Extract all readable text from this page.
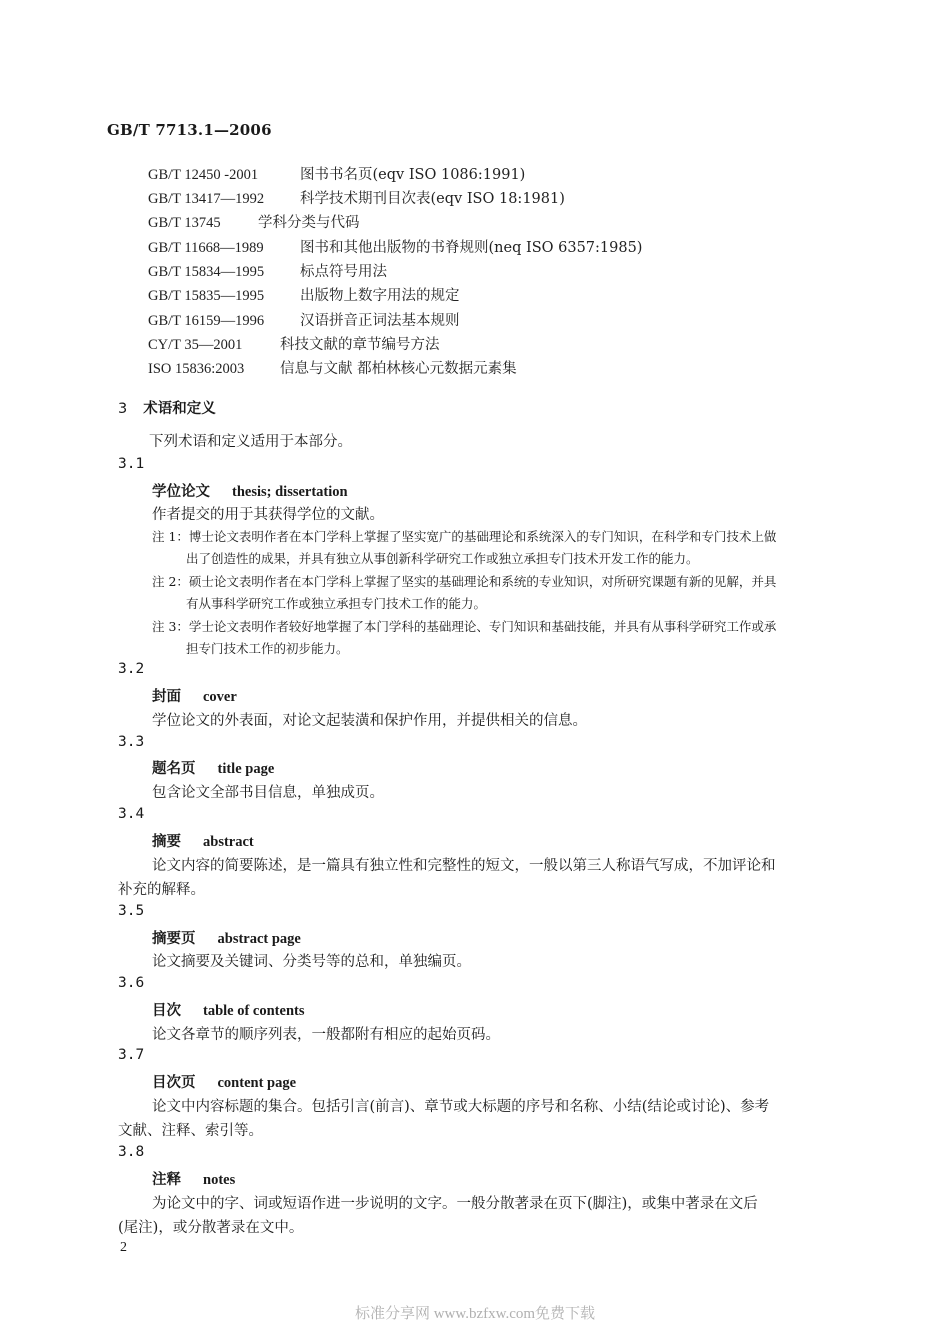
GB/T 7713.1—2006
GB/T 12450 -2001	图书书名页(eqv ISO 1086:1991)
GB/T 13417—1992 科学技术期刊目次表(eqv ISO 18:1981)
GB/T 13745	学科分类与代码
GB/T 11668—1989	图书和其他出版物的书脊规则(neq ISO 6357:1985)
GB/T 15834—1995 标点符号用法
GB/T 15835—1995 出版物上数字用法的规定
GB/T 16159—1996 汉语拼音正词法基本规则
CY/T 35—2001	科技文献的章节编号方法
ISO 15836:2003 信息与文献 都柏林核心元数据元素集
3 术语和定义
下列术语和定义适用于本部分。
3.1
学位论文 thesis; dissertation
作者提交的用于其获得学位的文献。
注 1：博士论文表明作者在本门学科上掌握了坚实宽广的基础理论和系统深入的专门知识，在科学和专门技术上做
出了创造性的成果，并具有独立从事创新科学研究工作或独立承担专门技术开发工作的能力。
注 2：硕士论文表明作者在本门学科上掌握了坚实的基础理论和系统的专业知识，对所研究课题有新的见解，并具
有从事科学研究工作或独立承担专门技术工作的能力。
注 3：学士论文表明作者较好地掌握了本门学科的基础理论、专门知识和基础技能，并具有从事科学研究工作或承
担专门技术工作的初步能力。
3.2
封面 cover
学位论文的外表面，对论文起装潢和保护作用，并提供相关的信息。
3.3
题名页 title page
包含论文全部书目信息，单独成页。
3.4
摘要 abstract
论文内容的简要陈述，是一篇具有独立性和完整性的短文，一般以第三人称语气写成，不加评论和
补充的解释。
3.5
摘要页 abstract page
论文摘要及关键词、分类号等的总和，单独编页。
3.6
目次 table of contents
论文各章节的顺序列表，一般都附有相应的起始页码。
3.7
目次页 content page
论文中内容标题的集合。包括引言(前言)、章节或大标题的序号和名称、小结(结论或讨论)、参考
文献、注释、索引等。
3.8
注释 notes
为论文中的字、词或短语作进一步说明的文字。一般分散著录在页下(脚注)，或集中著录在文后
(尾注)，或分散著录在文中。
2
标准分享网 www.bzfxw.com免费下载
